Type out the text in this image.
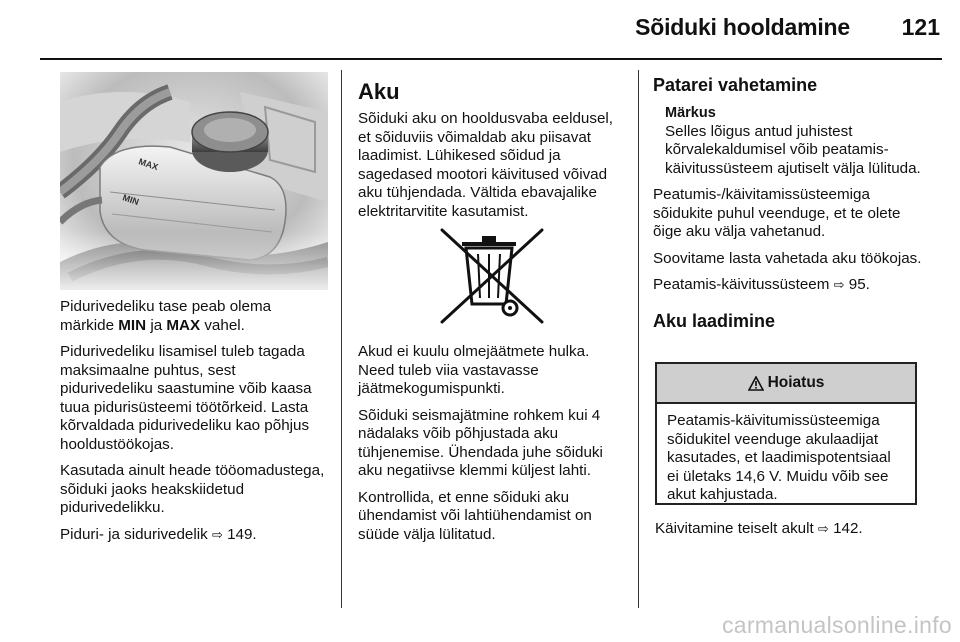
Sõiduki hooldamine	121
MAX
MIN

Pidurivedeliku tase peab olema märkide MIN ja MAX vahel.

Pidurivedeliku lisamisel tuleb tagada maksimaalne puhtus, sest pidurivedeliku saastumine võib kaasa tuua pidurisüsteemi töötõrkeid. Lasta kõrvaldada pidurivedeliku kao põhjus hooldustöökojas.

Kasutada ainult heade tööomadustega, sõiduki jaoks heakskiidetud pidurivedelikku.

Piduri- ja sidurivedelik ⇨ 149.

Aku

Sõiduki aku on hooldusvaba eeldusel, et sõiduviis võimaldab aku piisavat laadimist. Lühikesed sõidud ja sagedased mootori käivitused võivad aku tühjendada. Vältida ebavajalike elektritarvitite kasutamist.

Akud ei kuulu olmejäätmete hulka. Need tuleb viia vastavasse jäätmekogumispunkti.

Sõiduki seismajätmine rohkem kui 4 nädalaks võib põhjustada aku tühjenemise. Ühendada juhe sõiduki aku negatiivse klemmi küljest lahti.

Kontrollida, et enne sõiduki aku ühendamist või lahtiühendamist on süüde välja lülitatud.

Patarei vahetamine
Märkus
Selles lõigus antud juhistest kõrvalekaldumisel võib peatamis-käivitussüsteem ajutiselt välja lülituda.

Peatumis-/käivitamissüsteemiga sõidukite puhul veenduge, et te olete õige aku välja vahetanud.

Soovitame lasta vahetada aku töökojas.

Peatamis-käivitussüsteem ⇨ 95.

Aku laadimine
Hoiatus
Peatamis-käivitumissüsteemiga sõidukitel veenduge akulaadijat kasutades, et laadimispotentsiaal ei ületaks 14,6 V. Muidu võib see akut kahjustada.
Käivitamine teiselt akult ⇨ 142.
carmanualsonline.info
